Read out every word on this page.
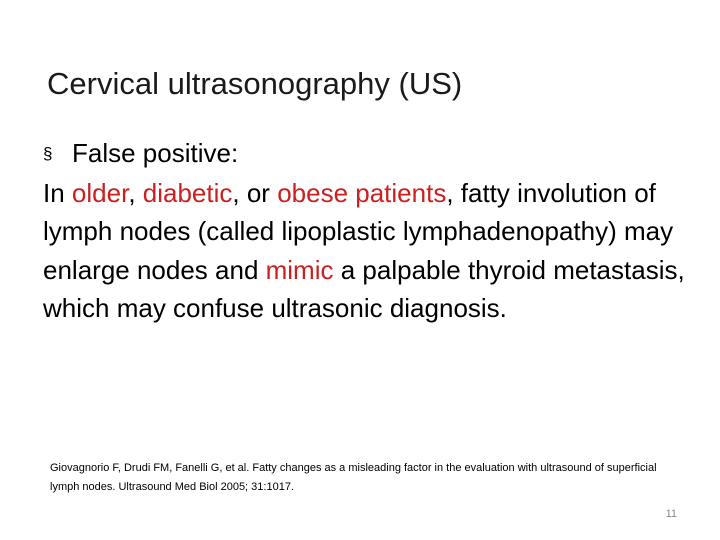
Cervical ultrasonography (US)
§ False positive:
In older, diabetic, or obese patients, fatty involution of lymph nodes (called lipoplastic lymphadenopathy) may enlarge nodes and mimic a palpable thyroid metastasis, which may confuse ultrasonic diagnosis.
Giovagnorio F, Drudi FM, Fanelli G, et al. Fatty changes as a misleading factor in the evaluation with ultrasound of superficial lymph nodes. Ultrasound Med Biol 2005; 31:1017.
11
